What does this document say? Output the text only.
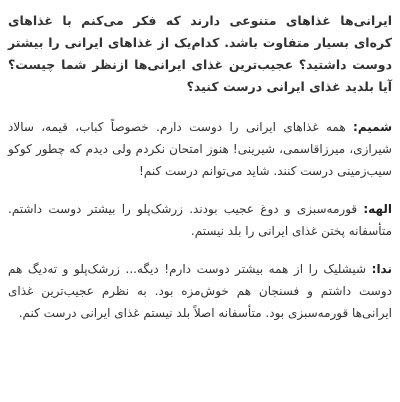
ایرانی‌ها غذاهای متنوعی دارند که فکر می‌کنم با غذاهای کره‌ای بسیار متفاوت باشد. کدام‌یک از غذاهای ایرانی را بیشتر دوست داشتید؟ عجیب‌ترین غذای ایرانی‌ها ازنظر شما چیست؟ آیا بلدید غذای ایرانی درست کنید؟

شمیم: همه غذاهای ایرانی را دوست دارم. خصوصاً کباب، قیمه، سالاد شیرازی، میرزاقاسمی، شیرینی! هنوز امتحان نکردم ولی دیدم که چطور کوکو سیب‌زمینی درست کنند. شاید می‌توانم درست کنم!

الهه: قورمه‌سبزی و دوغ عجیب بودند. زرشک‌پلو را بیشتر دوست داشتم. متأسفانه پختن غذای ایرانی را بلد نیستم.

ندا: شیشلیک را از همه بیشتر دوست دارم! دیگه... زرشک‌پلو و ته‌دیگ هم دوست داشتم و فسنجان هم خوش‌مزه بود. به نظرم عجیب‌ترین غذای ایرانی‌ها قورمه‌سبزی بود. متأسفانه اصلاً بلد نیستم غذای ایرانی درست کنم.
